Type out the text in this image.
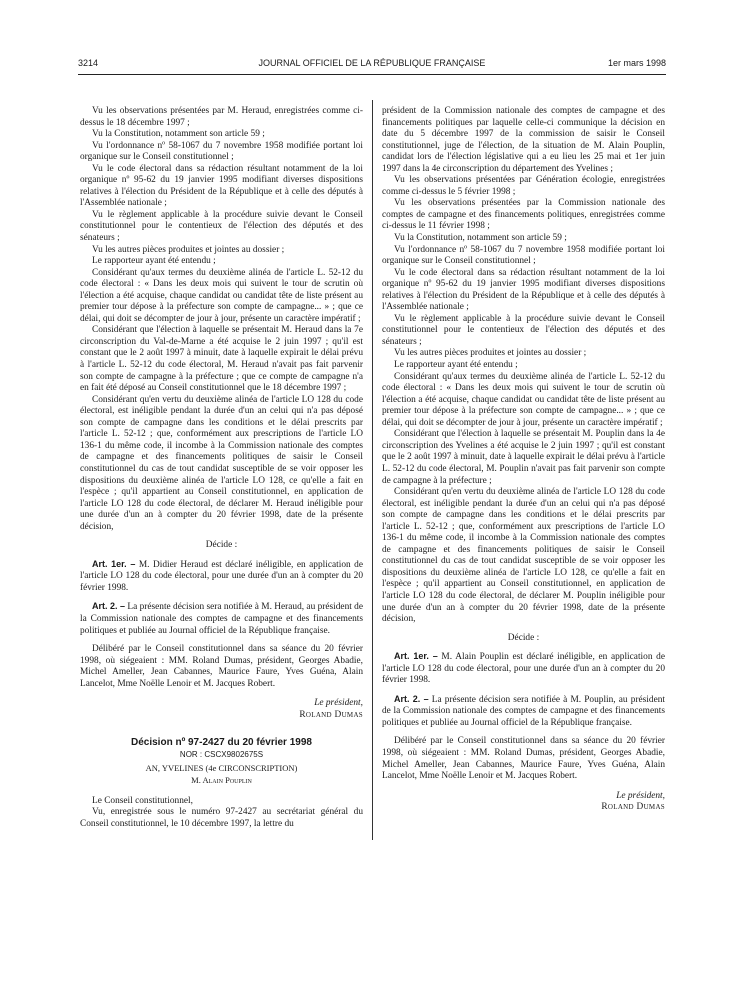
3214	JOURNAL OFFICIEL DE LA RÉPUBLIQUE FRANÇAISE	1er mars 1998

Vu les observations présentées par M. Heraud, enregistrées comme ci-dessus le 18 décembre 1997 ;

Vu la Constitution, notamment son article 59 ;

Vu l'ordonnance nº 58-1067 du 7 novembre 1958 modifiée portant loi organique sur le Conseil constitutionnel ;

Vu le code électoral dans sa rédaction résultant notamment de la loi organique nº 95-62 du 19 janvier 1995 modifiant diverses dispositions relatives à l'élection du Président de la République et à celle des députés à l'Assemblée nationale ;

Vu le règlement applicable à la procédure suivie devant le Conseil constitutionnel pour le contentieux de l'élection des députés et des sénateurs ;

Vu les autres pièces produites et jointes au dossier ;

Le rapporteur ayant été entendu ;

Considérant qu'aux termes du deuxième alinéa de l'article L. 52-12 du code électoral : « Dans les deux mois qui suivent le tour de scrutin où l'élection a été acquise, chaque candidat ou candidat tête de liste présent au premier tour dépose à la préfecture son compte de campagne... » ; que ce délai, qui doit se décompter de jour à jour, présente un caractère impératif ;

Considérant que l'élection à laquelle se présentait M. Heraud dans la 7e circonscription du Val-de-Marne a été acquise le 2 juin 1997 ; qu'il est constant que le 2 août 1997 à minuit, date à laquelle expirait le délai prévu à l'article L. 52-12 du code électoral, M. Heraud n'avait pas fait parvenir son compte de campagne à la préfecture ; que ce compte de campagne n'a en fait été déposé au Conseil constitutionnel que le 18 décembre 1997 ;

Considérant qu'en vertu du deuxième alinéa de l'article LO 128 du code électoral, est inéligible pendant la durée d'un an celui qui n'a pas déposé son compte de campagne dans les conditions et le délai prescrits par l'article L. 52-12 ; que, conformément aux prescriptions de l'article LO 136-1 du même code, il incombe à la Commission nationale des comptes de campagne et des financements politiques de saisir le Conseil constitutionnel du cas de tout candidat susceptible de se voir opposer les dispositions du deuxième alinéa de l'article LO 128, ce qu'elle a fait en l'espèce ; qu'il appartient au Conseil constitutionnel, en application de l'article LO 128 du code électoral, de déclarer M. Heraud inéligible pour une durée d'un an à compter du 20 février 1998, date de la présente décision,

Décide :

Art. 1er. – M. Didier Heraud est déclaré inéligible, en application de l'article LO 128 du code électoral, pour une durée d'un an à compter du 20 février 1998.

Art. 2. – La présente décision sera notifiée à M. Heraud, au président de la Commission nationale des comptes de campagne et des financements politiques et publiée au Journal officiel de la République française.

Délibéré par le Conseil constitutionnel dans sa séance du 20 février 1998, où siégeaient : MM. Roland Dumas, président, Georges Abadie, Michel Ameller, Jean Cabannes, Maurice Faure, Yves Guéna, Alain Lancelot, Mme Noëlle Lenoir et M. Jacques Robert.

Le président,

Roland Dumas

Décision nº 97-2427 du 20 février 1998

NOR : CSCX9802675S

AN, YVELINES (4e CIRCONSCRIPTION)

M. Alain Pouplin

Le Conseil constitutionnel,

Vu, enregistrée sous le numéro 97-2427 au secrétariat général du Conseil constitutionnel, le 10 décembre 1997, la lettre du

président de la Commission nationale des comptes de campagne et des financements politiques par laquelle celle-ci communique la décision en date du 5 décembre 1997 de la commission de saisir le Conseil constitutionnel, juge de l'élection, de la situation de M. Alain Pouplin, candidat lors de l'élection législative qui a eu lieu les 25 mai et 1er juin 1997 dans la 4e circonscription du département des Yvelines ;

Vu les observations présentées par Génération écologie, enregistrées comme ci-dessus le 5 février 1998 ;

Vu les observations présentées par la Commission nationale des comptes de campagne et des financements politiques, enregistrées comme ci-dessus le 11 février 1998 ;

Vu la Constitution, notamment son article 59 ;

Vu l'ordonnance nº 58-1067 du 7 novembre 1958 modifiée portant loi organique sur le Conseil constitutionnel ;

Vu le code électoral dans sa rédaction résultant notamment de la loi organique nº 95-62 du 19 janvier 1995 modifiant diverses dispositions relatives à l'élection du Président de la République et à celle des députés à l'Assemblée nationale ;

Vu le règlement applicable à la procédure suivie devant le Conseil constitutionnel pour le contentieux de l'élection des députés et des sénateurs ;

Vu les autres pièces produites et jointes au dossier ;

Le rapporteur ayant été entendu ;

Considérant qu'aux termes du deuxième alinéa de l'article L. 52-12 du code électoral : « Dans les deux mois qui suivent le tour de scrutin où l'élection a été acquise, chaque candidat ou candidat tête de liste présent au premier tour dépose à la préfecture son compte de campagne... » ; que ce délai, qui doit se décompter de jour à jour, présente un caractère impératif ;

Considérant que l'élection à laquelle se présentait M. Pouplin dans la 4e circonscription des Yvelines a été acquise le 2 juin 1997 ; qu'il est constant que le 2 août 1997 à minuit, date à laquelle expirait le délai prévu à l'article L. 52-12 du code électoral, M. Pouplin n'avait pas fait parvenir son compte de campagne à la préfecture ;

Considérant qu'en vertu du deuxième alinéa de l'article LO 128 du code électoral, est inéligible pendant la durée d'un an celui qui n'a pas déposé son compte de campagne dans les conditions et le délai prescrits par l'article L. 52-12 ; que, conformément aux prescriptions de l'article LO 136-1 du même code, il incombe à la Commission nationale des comptes de campagne et des financements politiques de saisir le Conseil constitutionnel du cas de tout candidat susceptible de se voir opposer les dispositions du deuxième alinéa de l'article LO 128, ce qu'elle a fait en l'espèce ; qu'il appartient au Conseil constitutionnel, en application de l'article LO 128 du code électoral, de déclarer M. Pouplin inéligible pour une durée d'un an à compter du 20 février 1998, date de la présente décision,

Décide :

Art. 1er. – M. Alain Pouplin est déclaré inéligible, en application de l'article LO 128 du code électoral, pour une durée d'un an à compter du 20 février 1998.

Art. 2. – La présente décision sera notifiée à M. Pouplin, au président de la Commission nationale des comptes de campagne et des financements politiques et publiée au Journal officiel de la République française.

Délibéré par le Conseil constitutionnel dans sa séance du 20 février 1998, où siégeaient : MM. Roland Dumas, président, Georges Abadie, Michel Ameller, Jean Cabannes, Maurice Faure, Yves Guéna, Alain Lancelot, Mme Noëlle Lenoir et M. Jacques Robert.

Le président,

Roland Dumas
